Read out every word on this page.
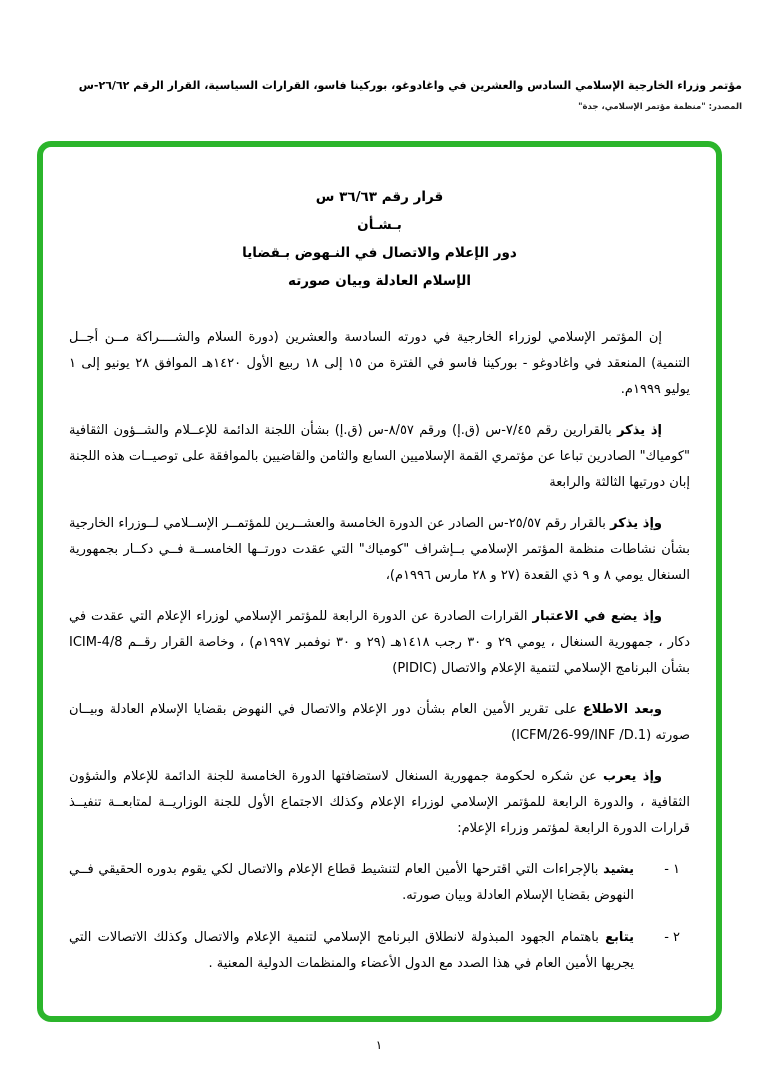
مؤتمر وزراء الخارجية الإسلامي السادس والعشرين في واغادوغو، بوركينا فاسو، القرارات السياسية، القرار الرقم ٢٦/٦٢-س
المصدر: "منظمة مؤتمر الإسلامي، جدة"
قرار رقم ٣٦/٦٣ س
بـشـأن
دور الإعلام والاتصال في النـهوض بـقضايا
الإسلام العادلة وبيان صورته

إن المؤتمر الإسلامي لوزراء الخارجية في دورته السادسة والعشرين (دورة السلام والشــــراكة مــن أجــل التنمية) المنعقد في واغادوغو - بوركينا فاسو في الفترة من ١٥ إلى ١٨ ربيع الأول ١٤٢٠هـ الموافق ٢٨ يونيو إلى ١ يوليو ١٩٩٩م.

إذ يذكر بالقرارين رقم ٧/٤٥-س (ق.إ) ورقم ٨/٥٧-س (ق.إ) بشأن اللجنة الدائمة للإعــلام والشــؤون الثقافية "كومياك" الصادرين تباعا عن مؤتمري القمة الإسلاميين السابع والثامن والقاضيين بالموافقة على توصيــات هذه اللجنة إبان دورتيها الثالثة والرابعة

وإذ يذكر بالقرار رقم ٢٥/٥٧-س الصادر عن الدورة الخامسة والعشــرين للمؤتمــر الإســلامي لــوزراء الخارجية بشأن نشاطات منظمة المؤتمر الإسلامي بــإشراف "كومياك" التي عقدت دورتــها الخامســة فــي دكــار بجمهورية السنغال يومي ٨ و ٩ ذي القعدة (٢٧ و ٢٨ مارس ١٩٩٦م)،

وإذ يضع في الاعتبار القرارات الصادرة عن الدورة الرابعة للمؤتمر الإسلامي لوزراء الإعلام التي عقدت في دكار ، جمهورية السنغال ، يومي ٢٩ و ٣٠ رجب ١٤١٨هـ (٢٩ و ٣٠ نوفمبر ١٩٩٧م) ، وخاصة القرار رقــم ICIM-4/8 بشأن البرنامج الإسلامي لتنمية الإعلام والاتصال (PIDIC)

وبعد الاطلاع على تقرير الأمين العام بشأن دور الإعلام والاتصال في النهوض بقضايا الإسلام العادلة وبيــان صورته (ICFM/26-99/INF /D.1)

وإذ يعرب عن شكره لحكومة جمهورية السنغال لاستضافتها الدورة الخامسة للجنة الدائمة للإعلام والشؤون الثقافية ، والدورة الرابعة للمؤتمر الإسلامي لوزراء الإعلام وكذلك الاجتماع الأول للجنة الوزاريــة لمتابعــة تنفيــذ قرارات الدورة الرابعة لمؤتمر وزراء الإعلام:

١ -
يشيد بالإجراءات التي اقترحها الأمين العام لتنشيط قطاع الإعلام والاتصال لكي يقوم بدوره الحقيقي فــي النهوض بقضايا الإسلام العادلة وبيان صورته.
٢ -
يتابع باهتمام الجهود المبذولة لانطلاق البرنامج الإسلامي لتنمية الإعلام والاتصال وكذلك الاتصالات التي يجريها الأمين العام في هذا الصدد مع الدول الأعضاء والمنظمات الدولية المعنية .
١
